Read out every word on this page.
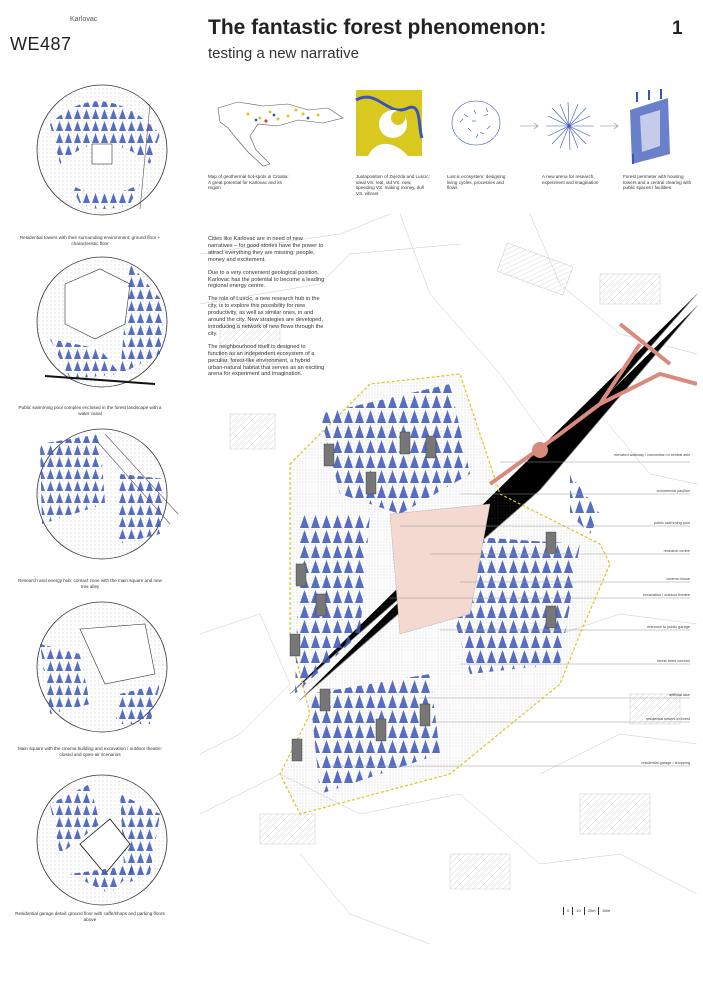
WE487
Karlovac	The fantastic forest phenomenon:
testing a new narrative
1
Map of geothermal hot-spots in Croatia: A great potential for Karlovac and its region
Juxtaposition of Zvjezda and Luscic: ideal VS. real, old VS. new, speeding VS. making money, dull VS. vibrant
Luscic ecosystem: designing living cycles, processes and flows
A new arena for research, experiment and imagination
Forest perimeter with housing towers and a central clearing with public spaces / facilities
Residential towers with their surrounding environment: ground floor + characteristic floor
Public swimming pool complex enclosed in the forest landscape with a water canal
Research and energy hub: contact zone with the main square and new tree alley
Main square with the cinema building and excavation / outdoor theatre: closed and open-air scenarios
Residential garage detail: ground floor with caffe/shops and parking floors above

Cities like Karlovac are in need of new narratives – for good stories have the power to attract everything they are missing: people, money and excitement.

Due to a very convenient geological position, Karlovac has the potential to become a leading regional energy centre.

The role of Luscic, a new research hub in the city, is to explore this possibility for new productivity, as well as similar ones, in and around the city. New strategies are developed, introducing a network of new flows through the city.

The neighbourhood itself is designed to function as an independent ecosystem of a peculiar, forest-like environment, a hybrid urban-natural habitat that serves as an exciting arena for experiment and imagination.

elevated walkway / connection to central axis
commercial pavilion
public swimming pool
research centre
cinema house
excavation / outdoor theatre
entrance to public garage
forest trees corridor
artificial lake
residential towers in forest
residential garage / shopping
0 10 20m 50m
